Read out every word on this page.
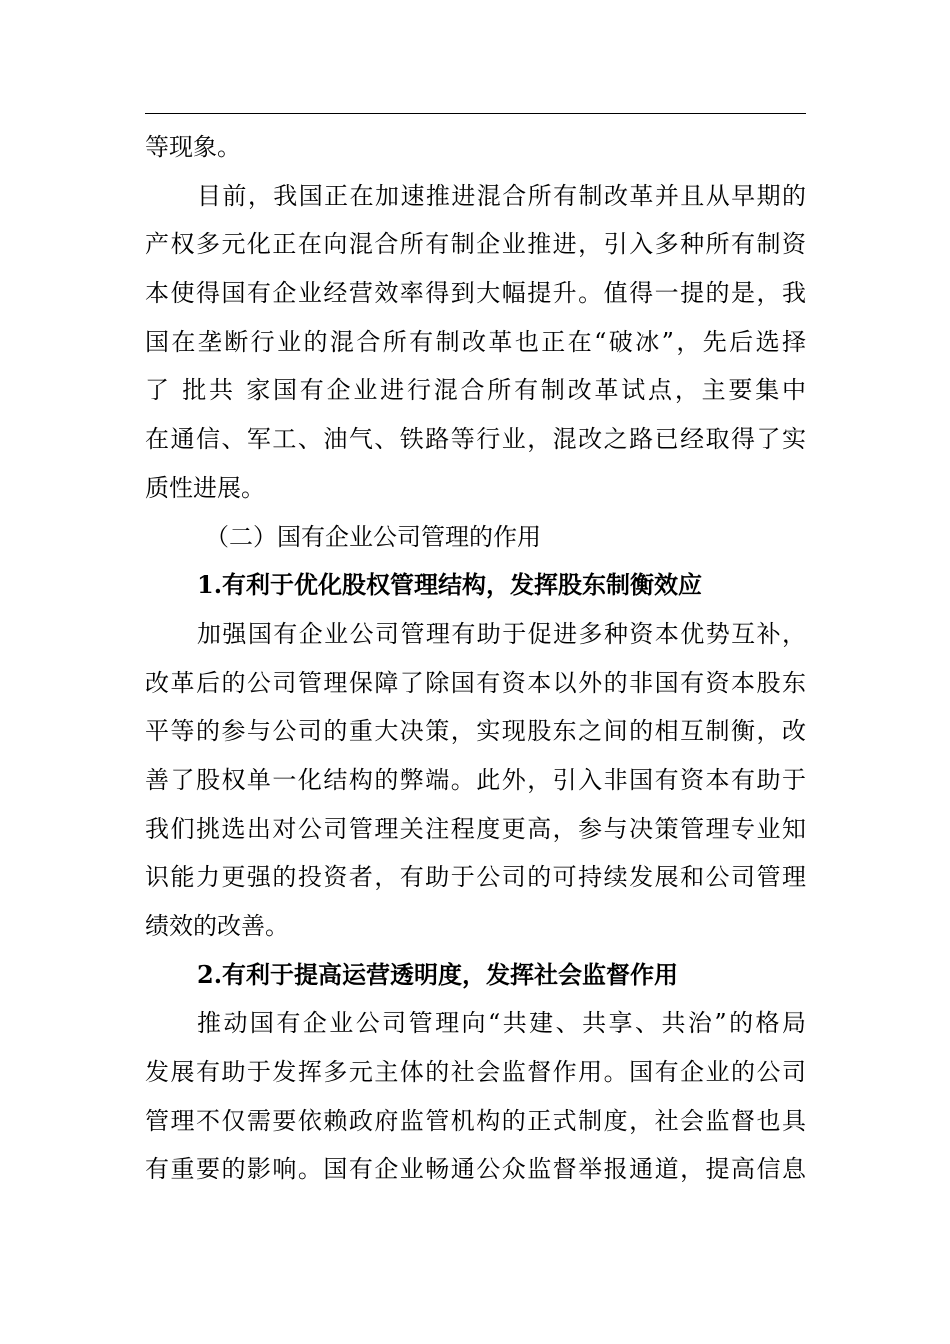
等现象。
目前，我国正在加速推进混合所有制改革并且从早期的
产权多元化正在向混合所有制企业推进，引入多种所有制资
本使得国有企业经营效率得到大幅提升。值得一提的是，我
国在垄断行业的混合所有制改革也正在“破冰”，先后选择
了 批共 家国有企业进行混合所有制改革试点，主要集中
在通信、军工、油气、铁路等行业，混改之路已经取得了实
质性进展。
（二）国有企业公司管理的作用
1.有利于优化股权管理结构，发挥股东制衡效应
加强国有企业公司管理有助于促进多种资本优势互补，
改革后的公司管理保障了除国有资本以外的非国有资本股东
平等的参与公司的重大决策，实现股东之间的相互制衡，改
善了股权单一化结构的弊端。此外，引入非国有资本有助于
我们挑选出对公司管理关注程度更高，参与决策管理专业知
识能力更强的投资者，有助于公司的可持续发展和公司管理
绩效的改善。
2.有利于提高运营透明度，发挥社会监督作用
推动国有企业公司管理向“共建、共享、共治”的格局
发展有助于发挥多元主体的社会监督作用。国有企业的公司
管理不仅需要依赖政府监管机构的正式制度，社会监督也具
有重要的影响。国有企业畅通公众监督举报通道，提高信息
